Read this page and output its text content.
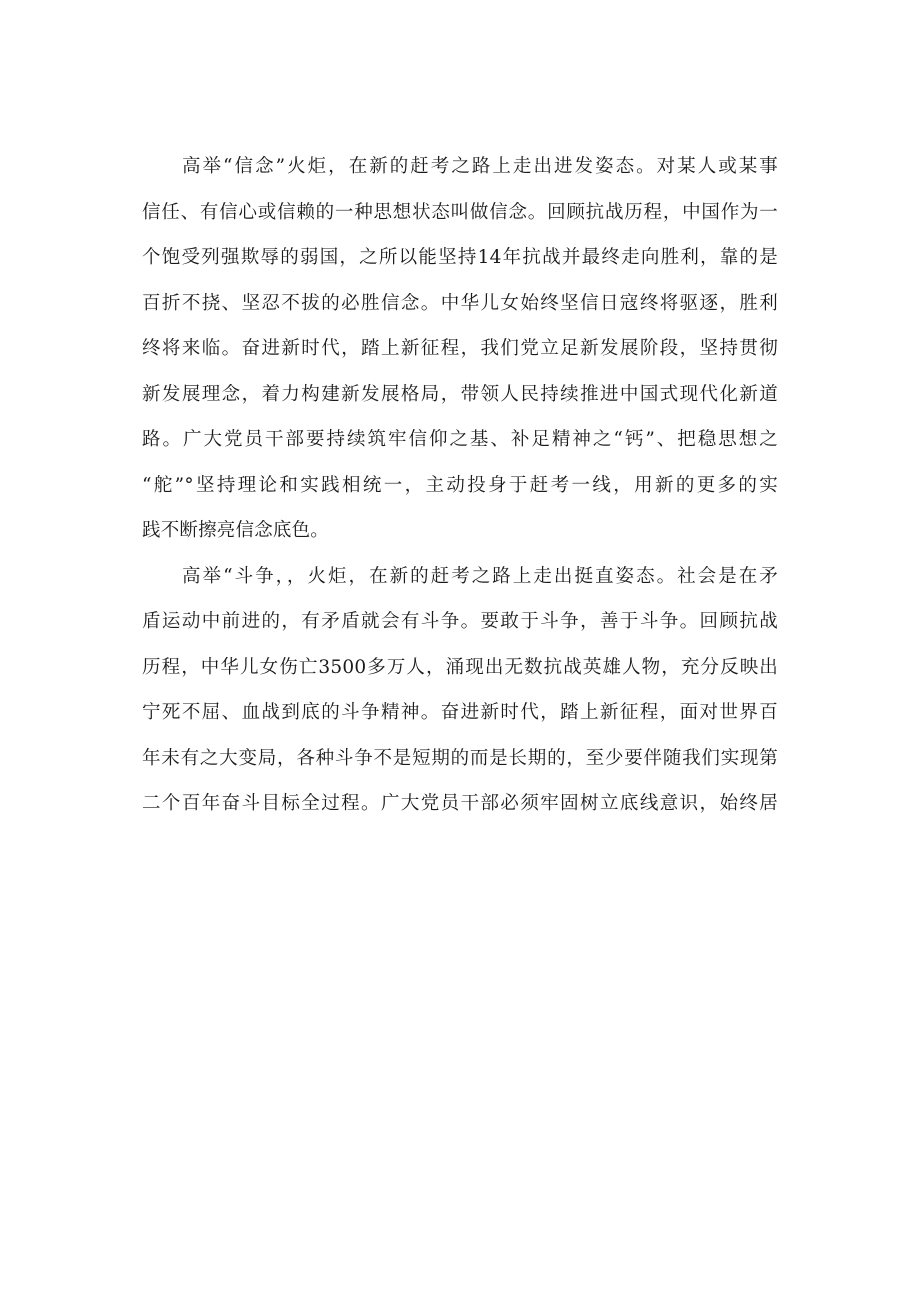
高举“信念”火炬，在新的赶考之路上走出进发姿态。对某人或某事
信任、有信心或信赖的一种思想状态叫做信念。回顾抗战历程，中国作为一
个饱受列强欺辱的弱国，之所以能坚持14年抗战并最终走向胜利，靠的是
百折不挠、坚忍不拔的必胜信念。中华儿女始终坚信日寇终将驱逐，胜利
终将来临。奋进新时代，踏上新征程，我们党立足新发展阶段，坚持贯彻
新发展理念，着力构建新发展格局，带领人民持续推进中国式现代化新道
路。广大党员干部要持续筑牢信仰之基、补足精神之“钙”、把稳思想之
“舵”°坚持理论和实践相统一，主动投身于赶考一线，用新的更多的实
践不断擦亮信念底色。
高举“斗争，，火炬，在新的赶考之路上走出挺直姿态。社会是在矛
盾运动中前进的，有矛盾就会有斗争。要敢于斗争，善于斗争。回顾抗战
历程，中华儿女伤亡3500多万人，涌现出无数抗战英雄人物，充分反映出
宁死不屈、血战到底的斗争精神。奋进新时代，踏上新征程，面对世界百
年未有之大变局，各种斗争不是短期的而是长期的，至少要伴随我们实现第
二个百年奋斗目标全过程。广大党员干部必须牢固树立底线意识，始终居
